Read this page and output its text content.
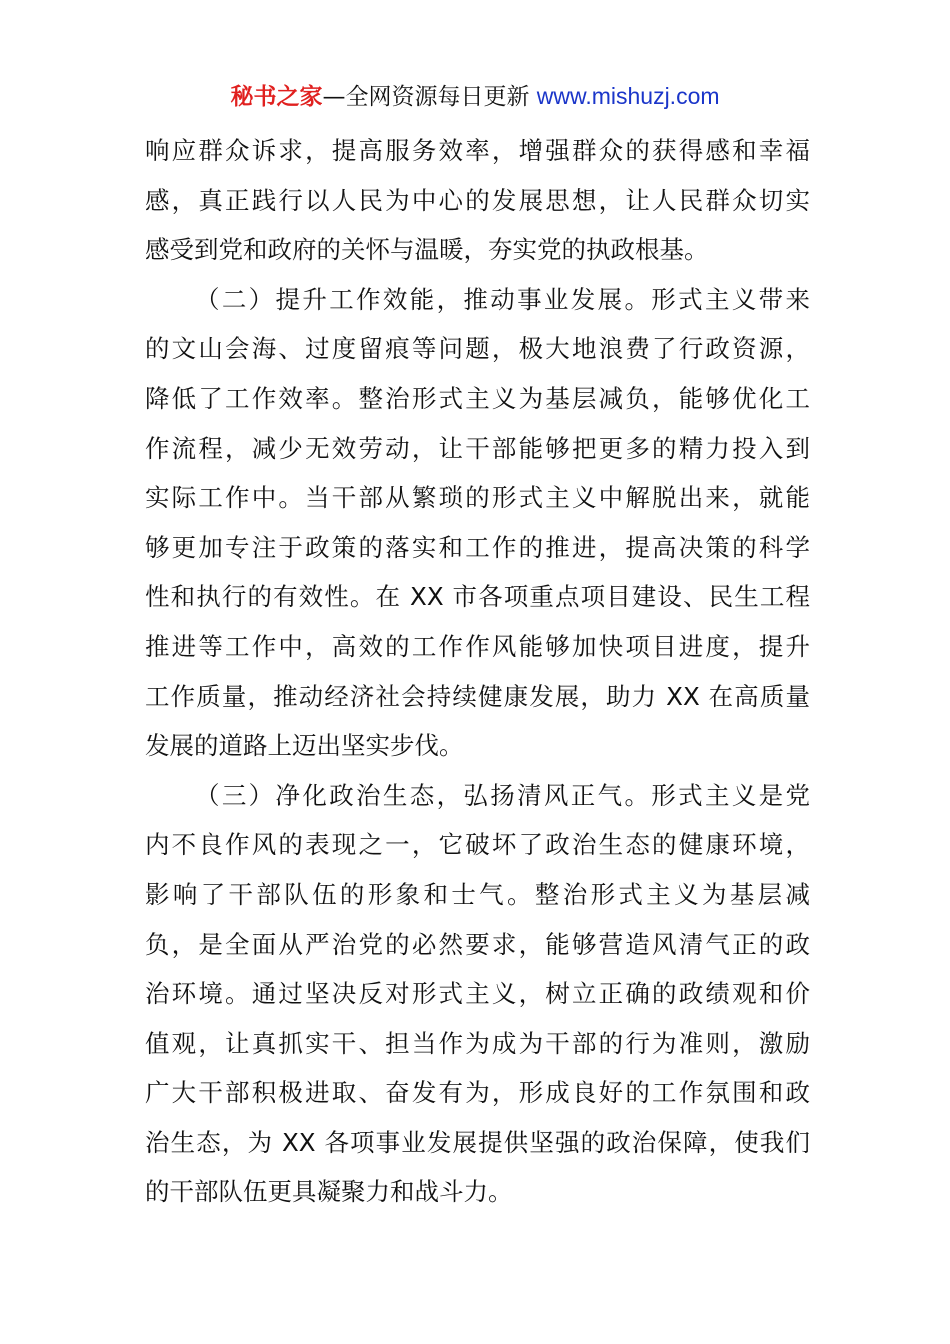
秘书之家—全网资源每日更新 www.mishuzj.com
响应群众诉求，提高服务效率，增强群众的获得感和幸福
感，真正践行以人民为中心的发展思想，让人民群众切实
感受到党和政府的关怀与温暖，夯实党的执政根基。
（二）提升工作效能，推动事业发展。形式主义带来
的文山会海、过度留痕等问题，极大地浪费了行政资源，
降低了工作效率。整治形式主义为基层减负，能够优化工
作流程，减少无效劳动，让干部能够把更多的精力投入到
实际工作中。当干部从繁琐的形式主义中解脱出来，就能
够更加专注于政策的落实和工作的推进，提高决策的科学
性和执行的有效性。在 XX 市各项重点项目建设、民生工程
推进等工作中，高效的工作作风能够加快项目进度，提升
工作质量，推动经济社会持续健康发展，助力 XX 在高质量
发展的道路上迈出坚实步伐。
（三）净化政治生态，弘扬清风正气。形式主义是党
内不良作风的表现之一，它破坏了政治生态的健康环境，
影响了干部队伍的形象和士气。整治形式主义为基层减
负，是全面从严治党的必然要求，能够营造风清气正的政
治环境。通过坚决反对形式主义，树立正确的政绩观和价
值观，让真抓实干、担当作为成为干部的行为准则，激励
广大干部积极进取、奋发有为，形成良好的工作氛围和政
治生态，为 XX 各项事业发展提供坚强的政治保障，使我们
的干部队伍更具凝聚力和战斗力。
